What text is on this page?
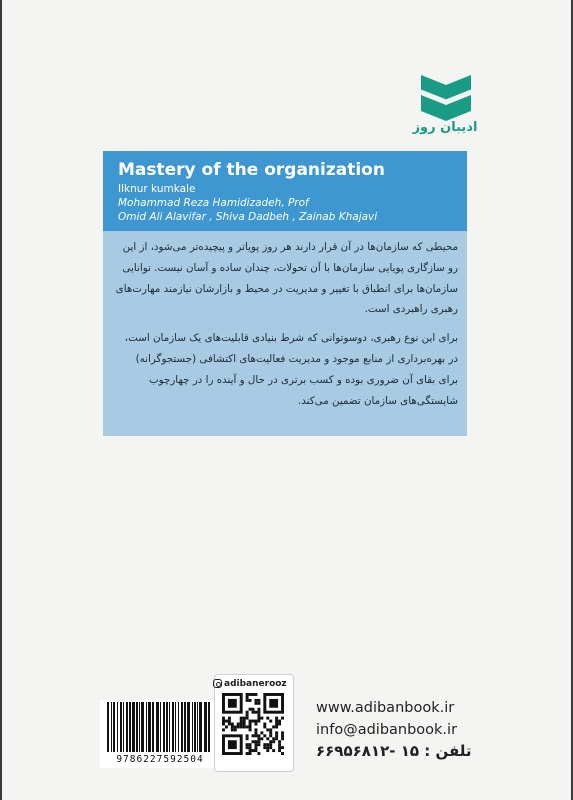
ادیبان روز
Mastery of the organization
Ilknur kumkale
Mohammad Reza Hamidizadeh, Prof
Omid Ali Alavifar , Shiva Dadbeh , Zainab Khajavi

محیطی که سازمان‌ها در آن قرار دارند هر روز پویاتر و پیچیده‌تر می‌شود، از این رو سازگاری پویایی سازمان‌ها با آن تحولات، چندان ساده و آسان نیست. توانایی سازمان‌ها برای انطباق با تغییر و مدیریت در محیط و بازارشان نیازمند مهارت‌های رهبری راهبردی است.

برای این نوع رهبری، دوسوتوانی که شرط بنیادی قابلیت‌های یک سازمان است، در بهره‌برداری از منابع موجود و مدیریت فعالیت‌های اکتشافی (جستجوگرانه) برای بقای آن ضروری بوده و کسب برتری در حال و آینده را در چهارچوب شایستگی‌های سازمان تضمین می‌کند.

9786227592504
adibanerooz
www.adibanbook.ir
info@adibanbook.ir
تلفن : ۱۵ -۶۶۹۵۶۸۱۲
